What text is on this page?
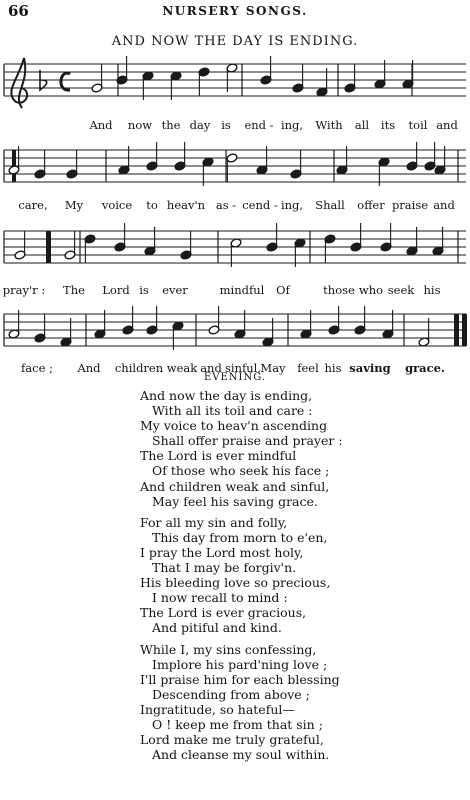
66	NURSERY SONGS.
AND NOW THE DAY IS ENDING.
And now the day is end - ing, With all its toil and
care, My voice to heav'n as - cend - ing, Shall offer praise and
pray'r : The Lord is ever	mindful Of	those who seek his
face ; And children weak and sinful, May feel his saving grace.
EVENING.
And now the day is ending,
With all its toil and care :
My voice to heav'n ascending
Shall offer praise and prayer :
The Lord is ever mindful
Of those who seek his face ;
And children weak and sinful,
May feel his saving grace.
For all my sin and folly,
This day from morn to e'en,
I pray the Lord most holy,
That I may be forgiv'n.
His bleeding love so precious,
I now recall to mind :
The Lord is ever gracious,
And pitiful and kind.
While I, my sins confessing,
Implore his pard'ning love ;
I'll praise him for each blessing
Descending from above ;
Ingratitude, so hateful—
O ! keep me from that sin ;
Lord make me truly grateful,
And cleanse my soul within.
